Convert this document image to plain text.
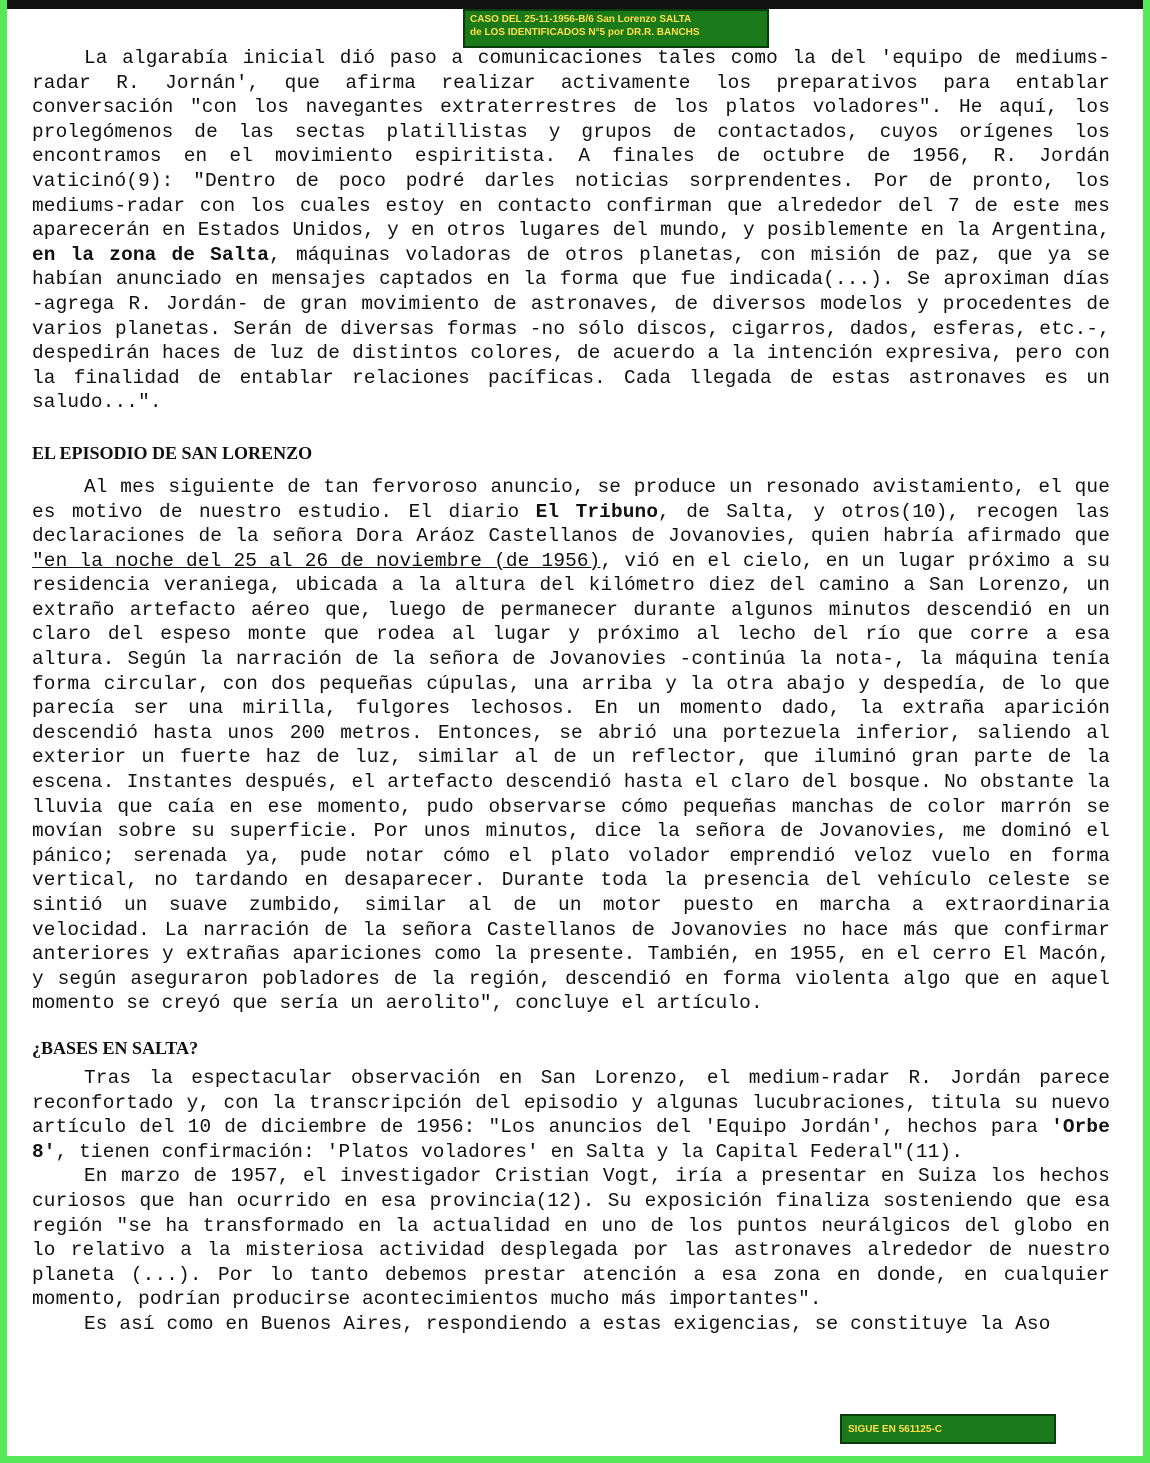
CASO DEL 25-11-1956-B/6 San Lorenzo SALTA
de LOS IDENTIFICADOS N°5 por DR.R. BANCHS

La algarabía inicial dió paso a comunicaciones tales como la del 'equipo de mediums-radar R. Jornán', que afirma realizar activamente los preparativos para entablar conversación "con los navegantes extraterrestres de los platos voladores". He aquí, los prolegómenos de las sectas platillistas y grupos de contactados, cuyos orígenes los encontramos en el movimiento espiritista. A finales de octubre de 1956, R. Jordán vaticinó(9): "Dentro de poco podré darles noticias sorprendentes. Por de pronto, los mediums-radar con los cuales estoy en contacto confirman que alrededor del 7 de este mes aparecerán en Estados Unidos, y en otros lugares del mundo, y posiblemente en la Argentina, en la zona de Salta, máquinas voladoras de otros planetas, con misión de paz, que ya se habían anunciado en mensajes captados en la forma que fue indicada(...). Se aproximan días -agrega R. Jordán- de gran movimiento de astronaves, de diversos modelos y procedentes de varios planetas. Serán de diversas formas -no sólo discos, cigarros, dados, esferas, etc.-, despedirán haces de luz de distintos colores, de acuerdo a la intención expresiva, pero con la finalidad de entablar relaciones pacíficas. Cada llegada de estas astronaves es un saludo...".

EL EPISODIO DE SAN LORENZO

Al mes siguiente de tan fervoroso anuncio, se produce un resonado avistamiento, el que es motivo de nuestro estudio. El diario El Tribuno, de Salta, y otros(10), recogen las declaraciones de la señora Dora Aráoz Castellanos de Jovanovies, quien habría afirmado que "en la noche del 25 al 26 de noviembre (de 1956), vió en el cielo, en un lugar próximo a su residencia veraniega, ubicada a la altura del kilómetro diez del camino a San Lorenzo, un extraño artefacto aéreo que, luego de permanecer durante algunos minutos descendió en un claro del espeso monte que rodea al lugar y próximo al lecho del río que corre a esa altura. Según la narración de la señora de Jovanovies -continúa la nota-, la máquina tenía forma circular, con dos pequeñas cúpulas, una arriba y la otra abajo y despedía, de lo que parecía ser una mirilla, fulgores lechosos. En un momento dado, la extraña aparición descendió hasta unos 200 metros. Entonces, se abrió una portezuela inferior, saliendo al exterior un fuerte haz de luz, similar al de un reflector, que iluminó gran parte de la escena. Instantes después, el artefacto descendió hasta el claro del bosque. No obstante la lluvia que caía en ese momento, pudo observarse cómo pequeñas manchas de color marrón se movían sobre su superficie. Por unos minutos, dice la señora de Jovanovies, me dominó el pánico; serenada ya, pude notar cómo el plato volador emprendió veloz vuelo en forma vertical, no tardando en desaparecer. Durante toda la presencia del vehículo celeste se sintió un suave zumbido, similar al de un motor puesto en marcha a extraordinaria velocidad. La narración de la señora Castellanos de Jovanovies no hace más que confirmar anteriores y extrañas apariciones como la presente. También, en 1955, en el cerro El Macón, y según aseguraron pobladores de la región, descendió en forma violenta algo que en aquel momento se creyó que sería un aerolito", concluye el artículo.

¿BASES EN SALTA?

Tras la espectacular observación en San Lorenzo, el medium-radar R. Jordán parece reconfortado y, con la transcripción del episodio y algunas lucubraciones, titula su nuevo artículo del 10 de diciembre de 1956: "Los anuncios del 'Equipo Jordán', hechos para 'Orbe 8', tienen confirmación: 'Platos voladores' en Salta y la Capital Federal"(11).

En marzo de 1957, el investigador Cristian Vogt, iría a presentar en Suiza los hechos curiosos que han ocurrido en esa provincia(12). Su exposición finaliza sosteniendo que esa región "se ha transformado en la actualidad en uno de los puntos neurálgicos del globo en lo relativo a la misteriosa actividad desplegada por las astronaves alrededor de nuestro planeta (...). Por lo tanto debemos prestar atención a esa zona en donde, en cualquier momento, podrían producirse acontecimientos mucho más importantes".

Es así como en Buenos Aires, respondiendo a estas exigencias, se constituye la Aso

SIGUE EN 561125-C
